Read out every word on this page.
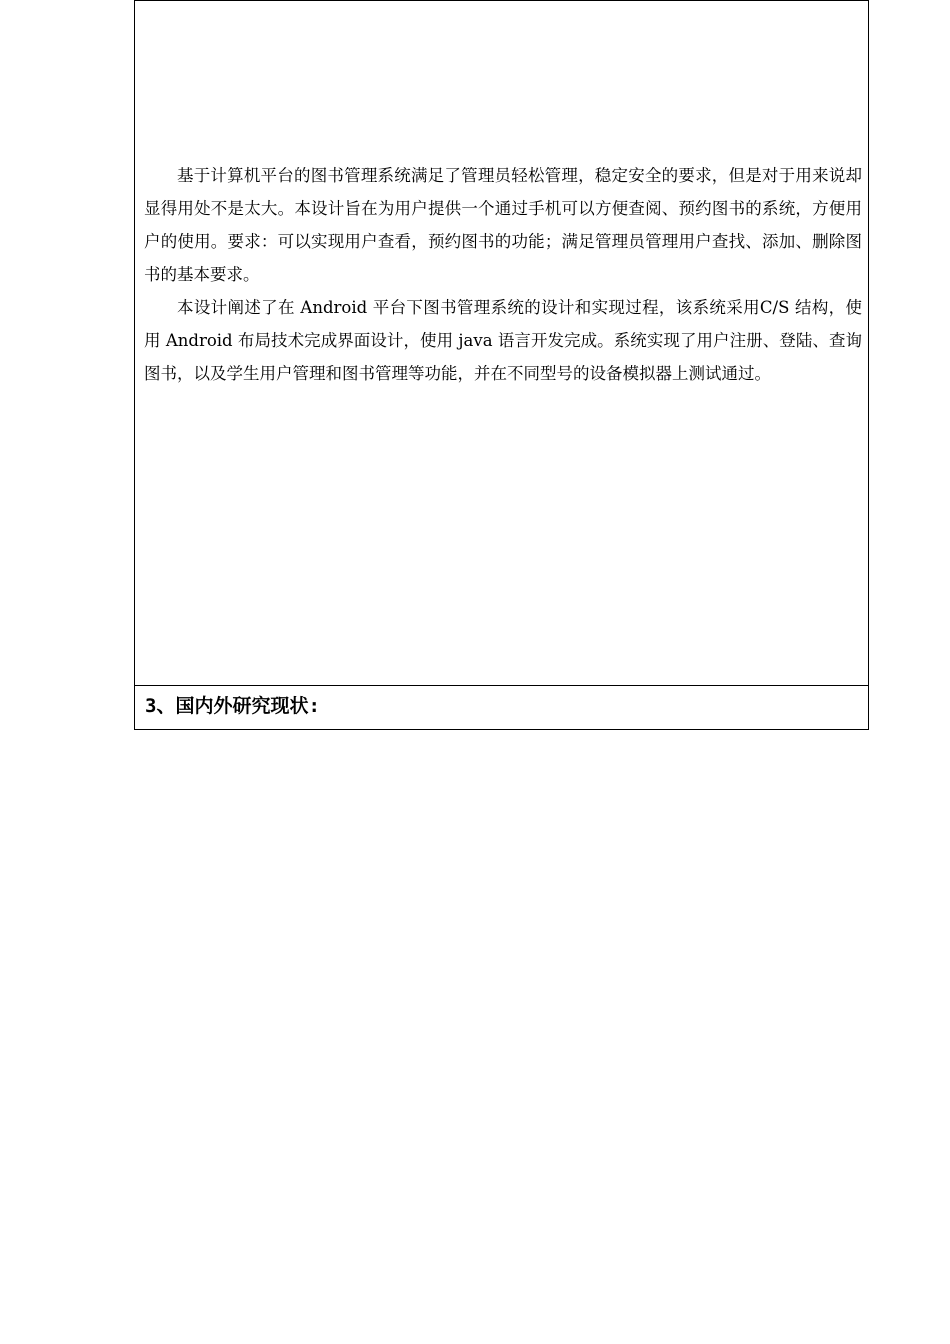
基于计算机平台的图书管理系统满足了管理员轻松管理，稳定安全的要求，但是对于用来说却显得用处不是太大。本设计旨在为用户提供一个通过手机可以方便查阅、预约图书的系统，方便用户的使用。要求：可以实现用户查看，预约图书的功能；满足管理员管理用户查找、添加、删除图书的基本要求。

本设计阐述了在 Android 平台下图书管理系统的设计和实现过程，该系统采用C/S 结构，使用 Android 布局技术完成界面设计，使用 java 语言开发完成。系统实现了用户注册、登陆、查询图书，以及学生用户管理和图书管理等功能，并在不同型号的设备模拟器上测试通过。

3、国内外研究现状:
